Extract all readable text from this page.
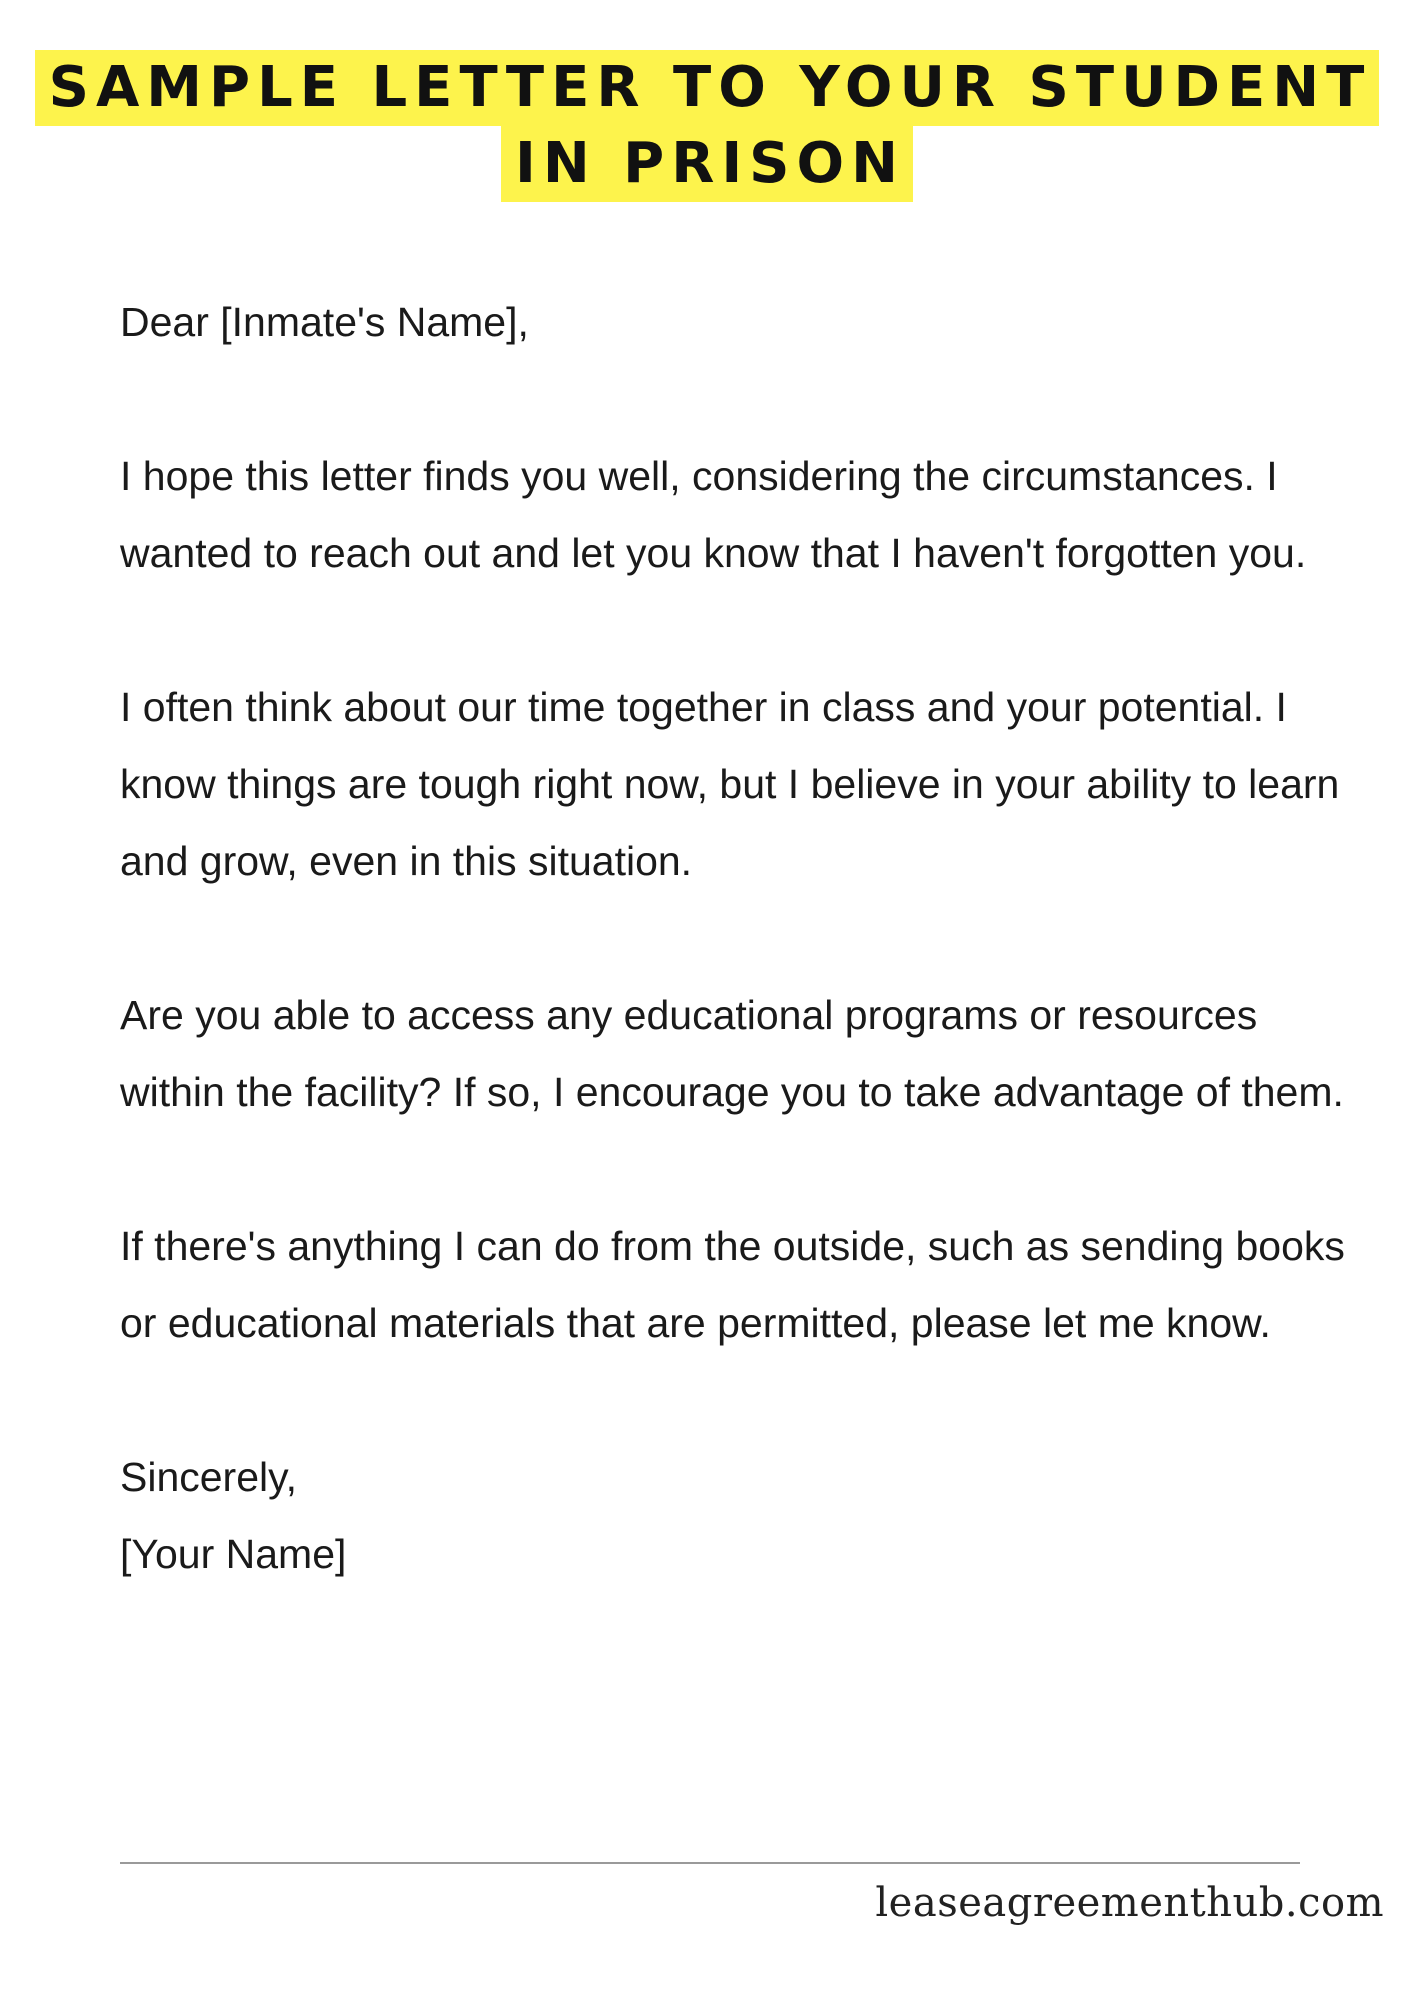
SAMPLE LETTER TO YOUR STUDENT
IN PRISON

Dear [Inmate's Name],

I hope this letter finds you well, considering the circumstances. I wanted to reach out and let you know that I haven't forgotten you.

I often think about our time together in class and your potential. I know things are tough right now, but I believe in your ability to learn and grow, even in this situation.

Are you able to access any educational programs or resources within the facility? If so, I encourage you to take advantage of them.

If there's anything I can do from the outside, such as sending books or educational materials that are permitted, please let me know.

Sincerely,
[Your Name]

leaseagreementhub.com
